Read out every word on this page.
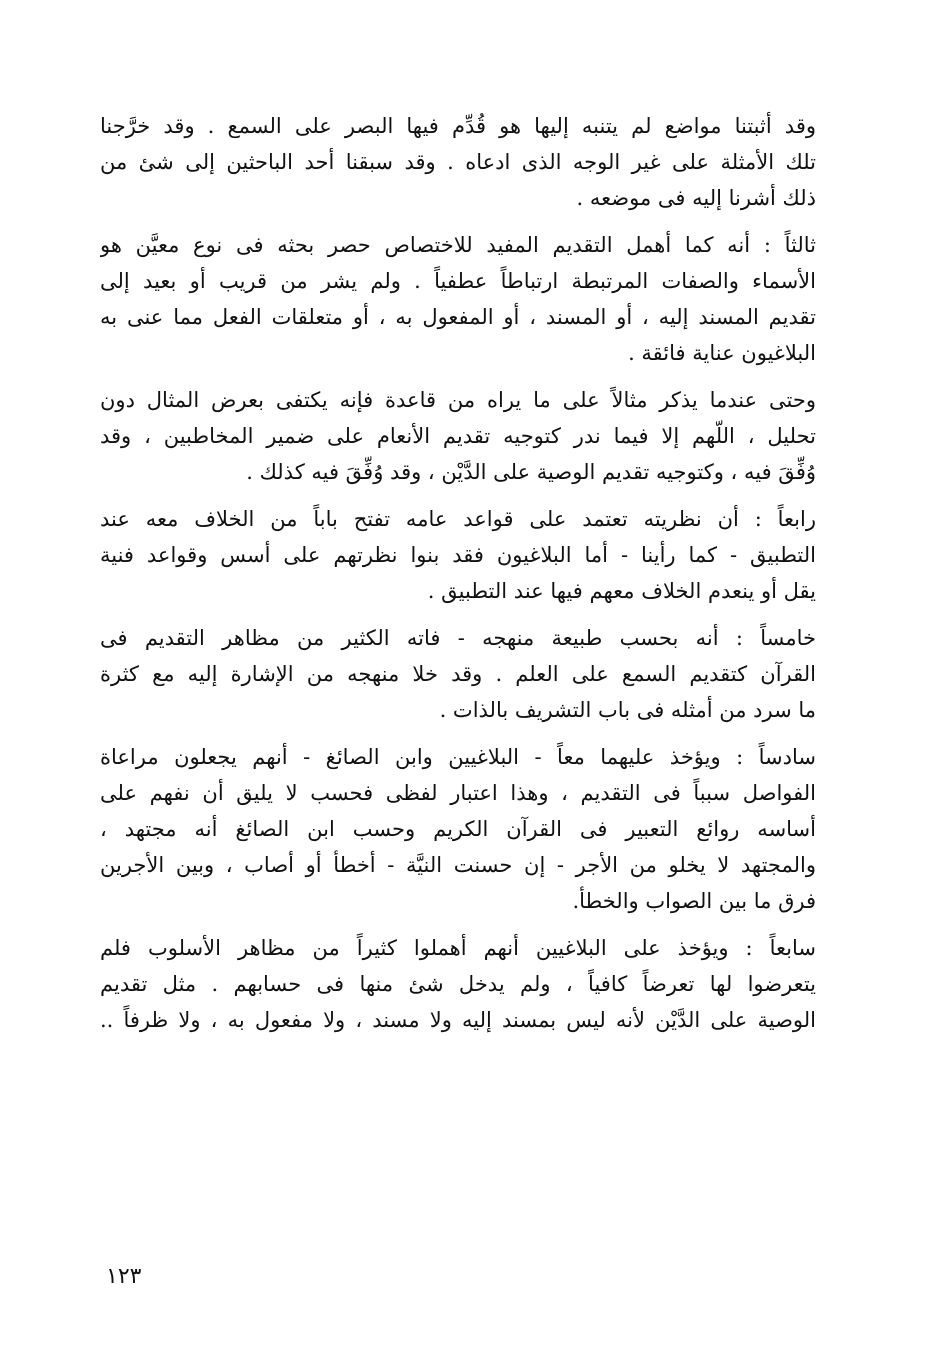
وقد أثبتنا مواضع لم يتنبه إليها هو قُدِّم فيها البصر على السمع . وقد خرَّجنا
تلك الأمثلة على غير الوجه الذى ادعاه . وقد سبقنا أحد الباحثين إلى شئ من
ذلك أشرنا إليه فى موضعه .
ثالثاً : أنه كما أهمل التقديم المفيد للاختصاص حصر بحثه فى نوع معيَّن هو
الأسماء والصفات المرتبطة ارتباطاً عطفياً . ولم يشر من قريب أو بعيد إلى
تقديم المسند إليه ، أو المسند ، أو المفعول به ، أو متعلقات الفعل مما عنى به
البلاغيون عناية فائقة .
وحتى عندما يذكر مثالاً على ما يراه من قاعدة فإنه يكتفى بعرض المثال دون
تحليل ، اللّهم إلا فيما ندر كتوجيه تقديم الأنعام على ضمير المخاطبين ، وقد
وُفِّقَ فيه ، وكتوجيه تقديم الوصية على الدَّيْن ، وقد وُفِّقَ فيه كذلك .
رابعاً : أن نظريته تعتمد على قواعد عامه تفتح باباً من الخلاف معه عند
التطبيق - كما رأينا - أما البلاغيون فقد بنوا نظرتهم على أسس وقواعد فنية
يقل أو ينعدم الخلاف معهم فيها عند التطبيق .
خامساً : أنه بحسب طبيعة منهجه - فاته الكثير من مظاهر التقديم فى
القرآن كتقديم السمع على العلم . وقد خلا منهجه من الإشارة إليه مع كثرة
ما سرد من أمثله فى باب التشريف بالذات .
سادساً : ويؤخذ عليهما معاً - البلاغيين وابن الصائغ - أنهم يجعلون مراعاة
الفواصل سبباً فى التقديم ، وهذا اعتبار لفظى فحسب لا يليق أن نفهم على
أساسه روائع التعبير فى القرآن الكريم وحسب ابن الصائغ أنه مجتهد ،
والمجتهد لا يخلو من الأجر - إن حسنت النيَّة - أخطأ أو أصاب ، وبين الأجرين
فرق ما بين الصواب والخطأ.
سابعاً : ويؤخذ على البلاغيين أنهم أهملوا كثيراً من مظاهر الأسلوب فلم
يتعرضوا لها تعرضاً كافياً ، ولم يدخل شئ منها فى حسابهم . مثل تقديم
الوصية على الدَّيْن لأنه ليس بمسند إليه ولا مسند ، ولا مفعول به ، ولا ظرفاً ..
١٢٣
